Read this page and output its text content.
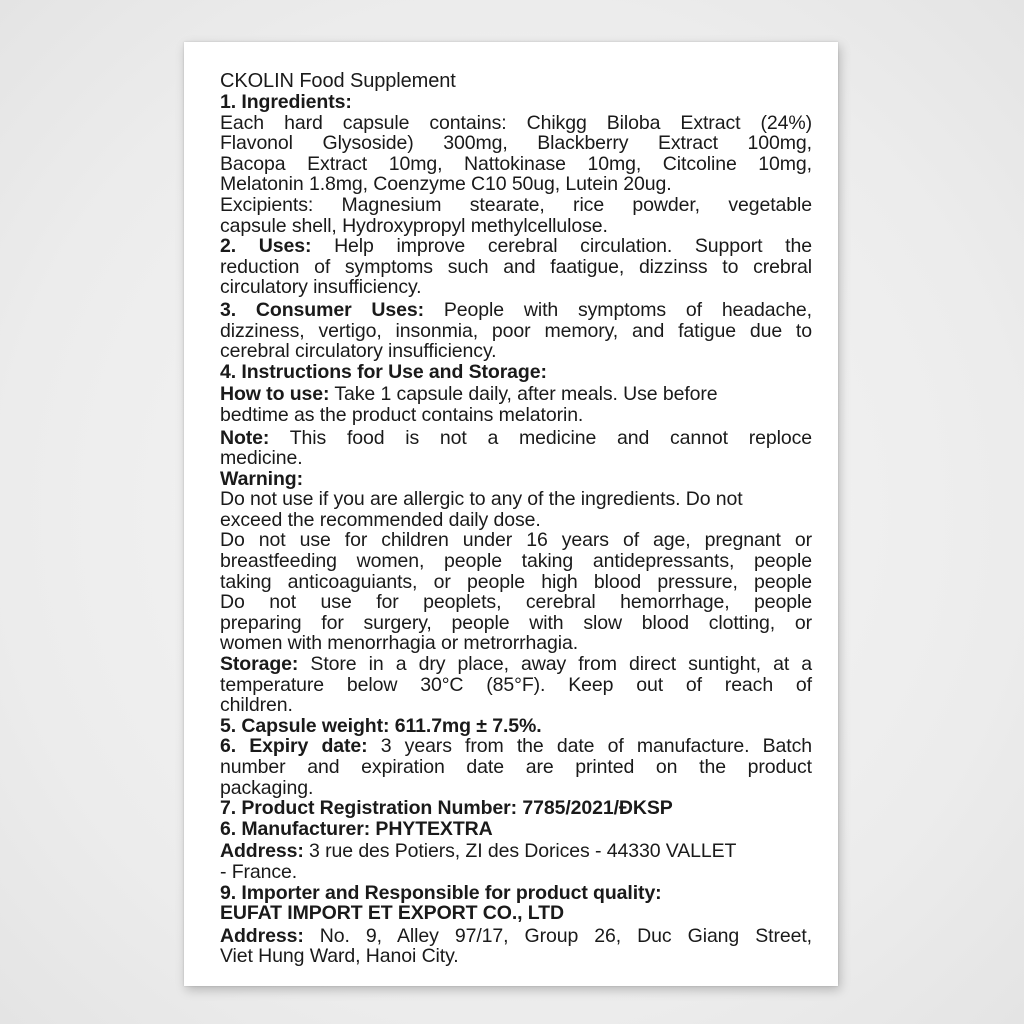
CKOLIN Food Supplement
1. Ingredients:
Each hard capsule contains: Chikgg Biloba Extract (24%)
Flavonol Glysoside) 300mg, Blackberry Extract 100mg,
Bacopa Extract 10mg, Nattokinase 10mg, Citcoline 10mg,
Melatonin 1.8mg, Coenzyme C10 50ug, Lutein 20ug.
Excipients: Magnesium stearate, rice powder, vegetable
capsule shell, Hydroxypropyl methylcellulose.
2. Uses: Help improve cerebral circulation. Support the
reduction of symptoms such and faatigue, dizzinss to crebral
circulatory insufficiency.
3. Consumer Uses: People with symptoms of headache,
dizziness, vertigo, insonmia, poor memory, and fatigue due to
cerebral circulatory insufficiency.
4. Instructions for Use and Storage:
How to use: Take 1 capsule daily, after meals. Use before
bedtime as the product contains melatorin.
Note: This food is not a medicine and cannot reploce
medicine.
Warning:
Do not use if you are allergic to any of the ingredients. Do not
exceed the recommended daily dose.
Do not use for children under 16 years of age, pregnant or
breastfeeding women, people taking antidepressants, people
taking anticoaguiants, or people high blood pressure, people
Do not use for peoplets, cerebral hemorrhage, people
preparing for surgery, people with slow blood clotting, or
women with menorrhagia or metrorrhagia.
Storage: Store in a dry place, away from direct suntight, at a
temperature below 30°C (85°F). Keep out of reach of
children.
5. Capsule weight: 611.7mg ± 7.5%.
6. Expiry date: 3 years from the date of manufacture. Batch
number and expiration date are printed on the product
packaging.
7. Product Registration Number: 7785/2021/ĐKSP
6. Manufacturer: PHYTEXTRA
Address: 3 rue des Potiers, ZI des Dorices - 44330 VALLET
- France.
9. Importer and Responsible for product quality:
EUFAT IMPORT ET EXPORT CO., LTD
Address: No. 9, Alley 97/17, Group 26, Duc Giang Street,
Viet Hung Ward, Hanoi City.
